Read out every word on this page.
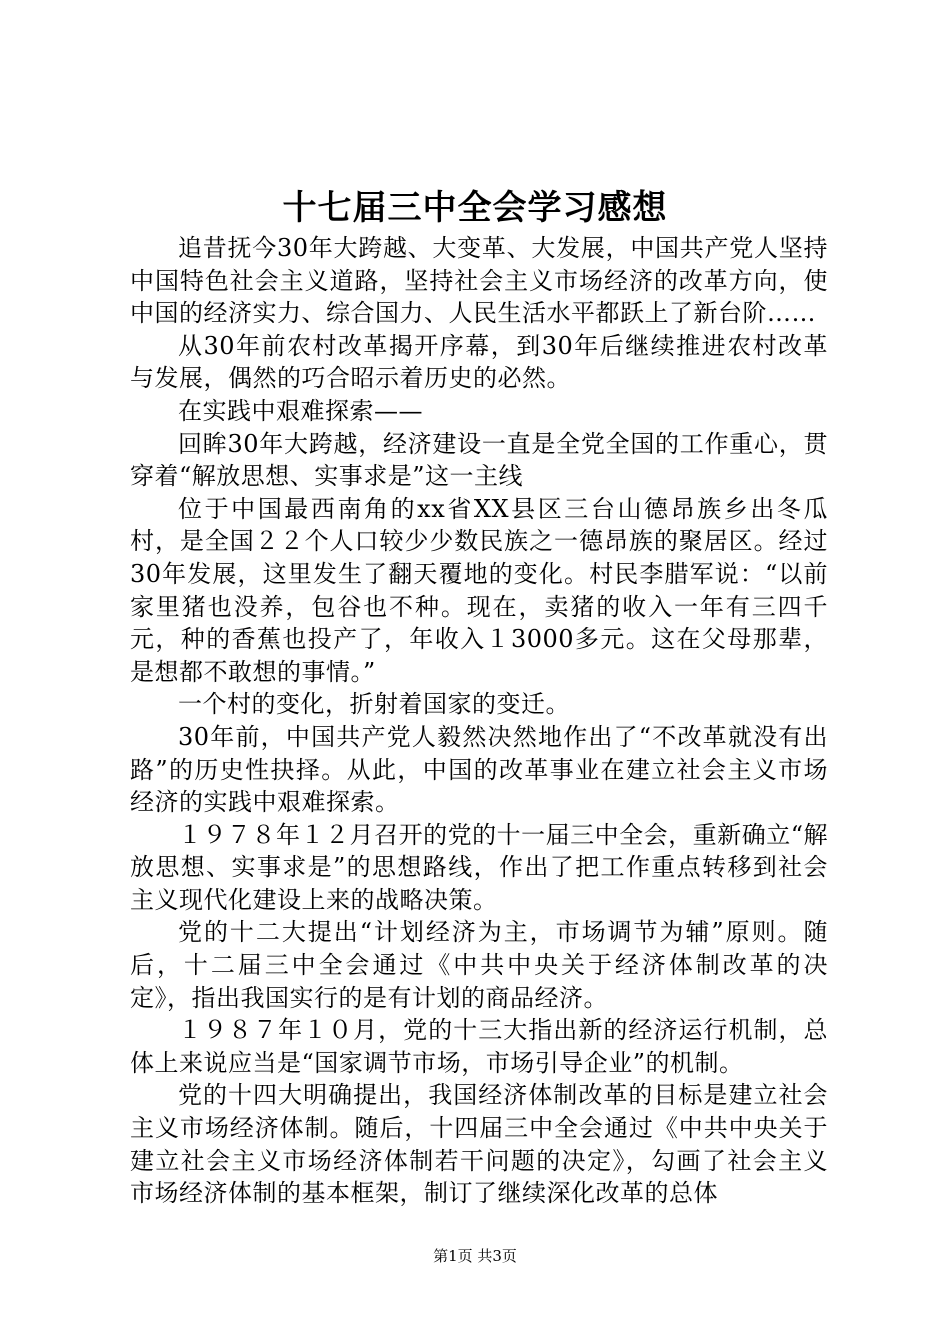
十七届三中全会学习感想

追昔抚今30年大跨越、大变革、大发展，中国共产党人坚持中国特色社会主义道路，坚持社会主义市场经济的改革方向，使中国的经济实力、综合国力、人民生活水平都跃上了新台阶……

从30年前农村改革揭开序幕，到30年后继续推进农村改革与发展，偶然的巧合昭示着历史的必然。

在实践中艰难探索——

回眸30年大跨越，经济建设一直是全党全国的工作重心，贯穿着“解放思想、实事求是”这一主线

位于中国最西南角的xx省XX县区三台山德昂族乡出冬瓜村，是全国２２个人口较少少数民族之一德昂族的聚居区。经过30年发展，这里发生了翻天覆地的变化。村民李腊军说：“以前家里猪也没养，包谷也不种。现在，卖猪的收入一年有三四千元，种的香蕉也投产了，年收入１3000多元。这在父母那辈，是想都不敢想的事情。”

一个村的变化，折射着国家的变迁。

30年前，中国共产党人毅然决然地作出了“不改革就没有出路”的历史性抉择。从此，中国的改革事业在建立社会主义市场经济的实践中艰难探索。

１９７８年１２月召开的党的十一届三中全会，重新确立“解放思想、实事求是”的思想路线，作出了把工作重点转移到社会主义现代化建设上来的战略决策。

党的十二大提出“计划经济为主，市场调节为辅”原则。随后，十二届三中全会通过《中共中央关于经济体制改革的决定》，指出我国实行的是有计划的商品经济。

１９８７年１０月，党的十三大指出新的经济运行机制，总体上来说应当是“国家调节市场，市场引导企业”的机制。

党的十四大明确提出，我国经济体制改革的目标是建立社会主义市场经济体制。随后，十四届三中全会通过《中共中央关于建立社会主义市场经济体制若干问题的决定》，勾画了社会主义市场经济体制的基本框架，制订了继续深化改革的总体

第1页 共3页
